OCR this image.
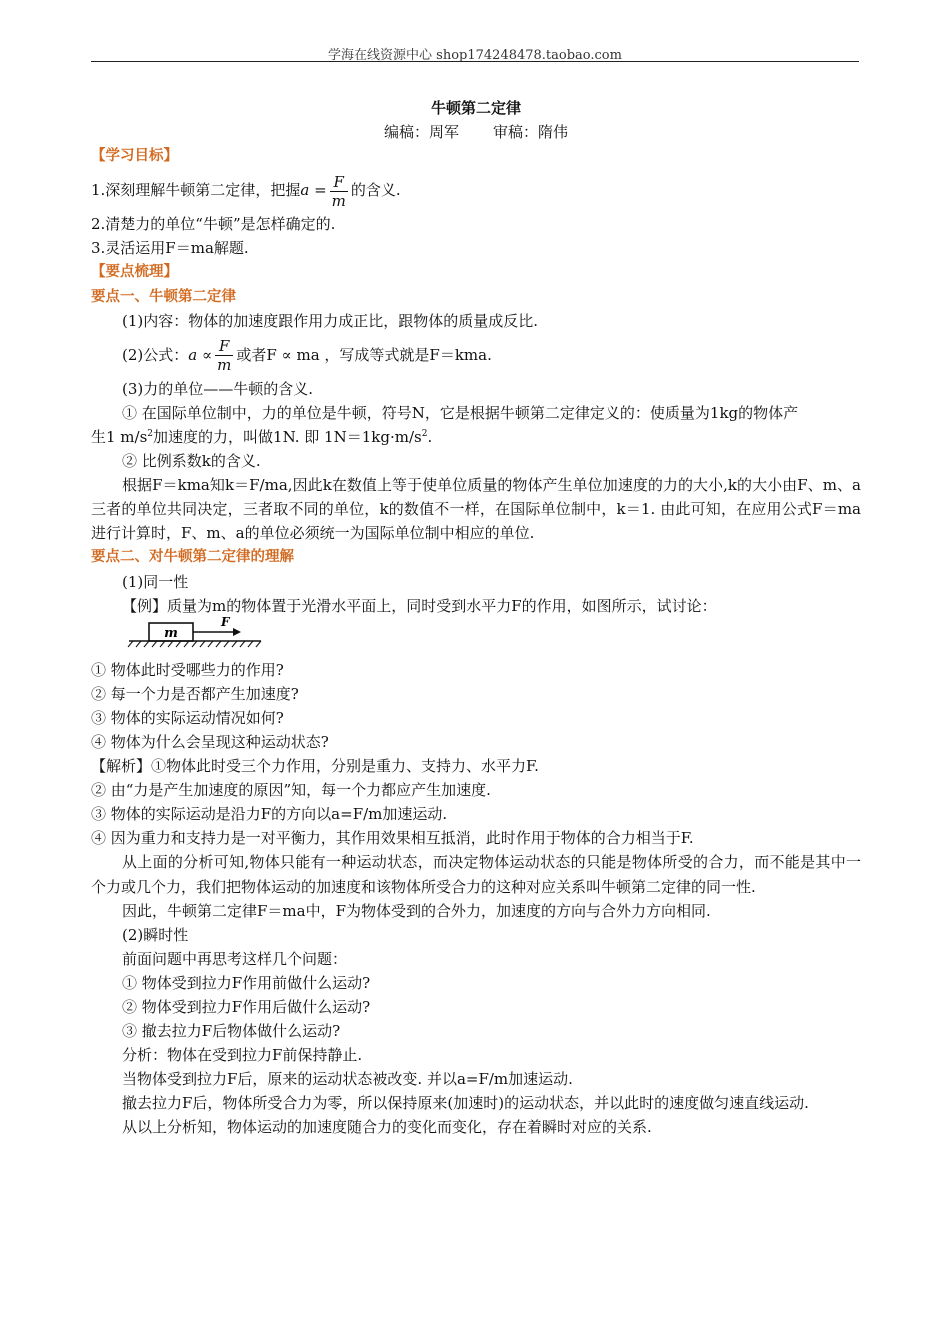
学海在线资源中心 shop174248478.taobao.com

牛顿第二定律

编稿：周军 审稿：隋伟

【学习目标】

1.深刻理解牛顿第二定律，把握$a = \frac{F}{m}$ 的含义.

2.清楚力的单位“牛顿”是怎样确定的.

3.灵活运用F＝ma解题.

【要点梳理】

要点一、牛顿第二定律

(1)内容：物体的加速度跟作用力成正比，跟物体的质量成反比.

(2)公式：$a \propto \frac{F}{m}$ 或者F ∝ ma ，写成等式就是F＝kma.

(3)力的单位——牛顿的含义.

① 在国际单位制中，力的单位是牛顿，符号N，它是根据牛顿第二定律定义的：使质量为1kg的物体产

生1 $m/s^2$加速度的力，叫做1N. 即 $1N=1kg\cdot m/s^2$.

② 比例系数k的含义.

根据F＝kma知k＝F/ma,因此k在数值上等于使单位质量的物体产生单位加速度的力的大小,k的大小由F、m、a三者的单位共同决定，三者取不同的单位，k的数值不一样，在国际单位制中，k＝1. 由此可知，在应用公式F＝ma进行计算时，F、m、a的单位必须统一为国际单位制中相应的单位.

要点二、对牛顿第二定律的理解

(1)同一性

【例】质量为m的物体置于光滑水平面上，同时受到水平力F的作用，如图所示，试讨论：

m
F

① 物体此时受哪些力的作用?

② 每一个力是否都产生加速度?

③ 物体的实际运动情况如何?

④ 物体为什么会呈现这种运动状态?

【解析】①物体此时受三个力作用，分别是重力、支持力、水平力F.

② 由“力是产生加速度的原因”知，每一个力都应产生加速度.

③ 物体的实际运动是沿力F的方向以a=F/m加速运动.

④ 因为重力和支持力是一对平衡力，其作用效果相互抵消，此时作用于物体的合力相当于F.

从上面的分析可知,物体只能有一种运动状态，而决定物体运动状态的只能是物体所受的合力，而不能是其中一个力或几个力，我们把物体运动的加速度和该物体所受合力的这种对应关系叫牛顿第二定律的同一性.

因此，牛顿第二定律F＝ma中，F为物体受到的合外力，加速度的方向与合外力方向相同.

(2)瞬时性

前面问题中再思考这样几个问题：

① 物体受到拉力F作用前做什么运动?

② 物体受到拉力F作用后做什么运动?

③ 撤去拉力F后物体做什么运动?

分析：物体在受到拉力F前保持静止.

当物体受到拉力F后，原来的运动状态被改变. 并以a=F/m加速运动.

撤去拉力F后，物体所受合力为零，所以保持原来(加速时)的运动状态，并以此时的速度做匀速直线运动.

从以上分析知，物体运动的加速度随合力的变化而变化，存在着瞬时对应的关系.
